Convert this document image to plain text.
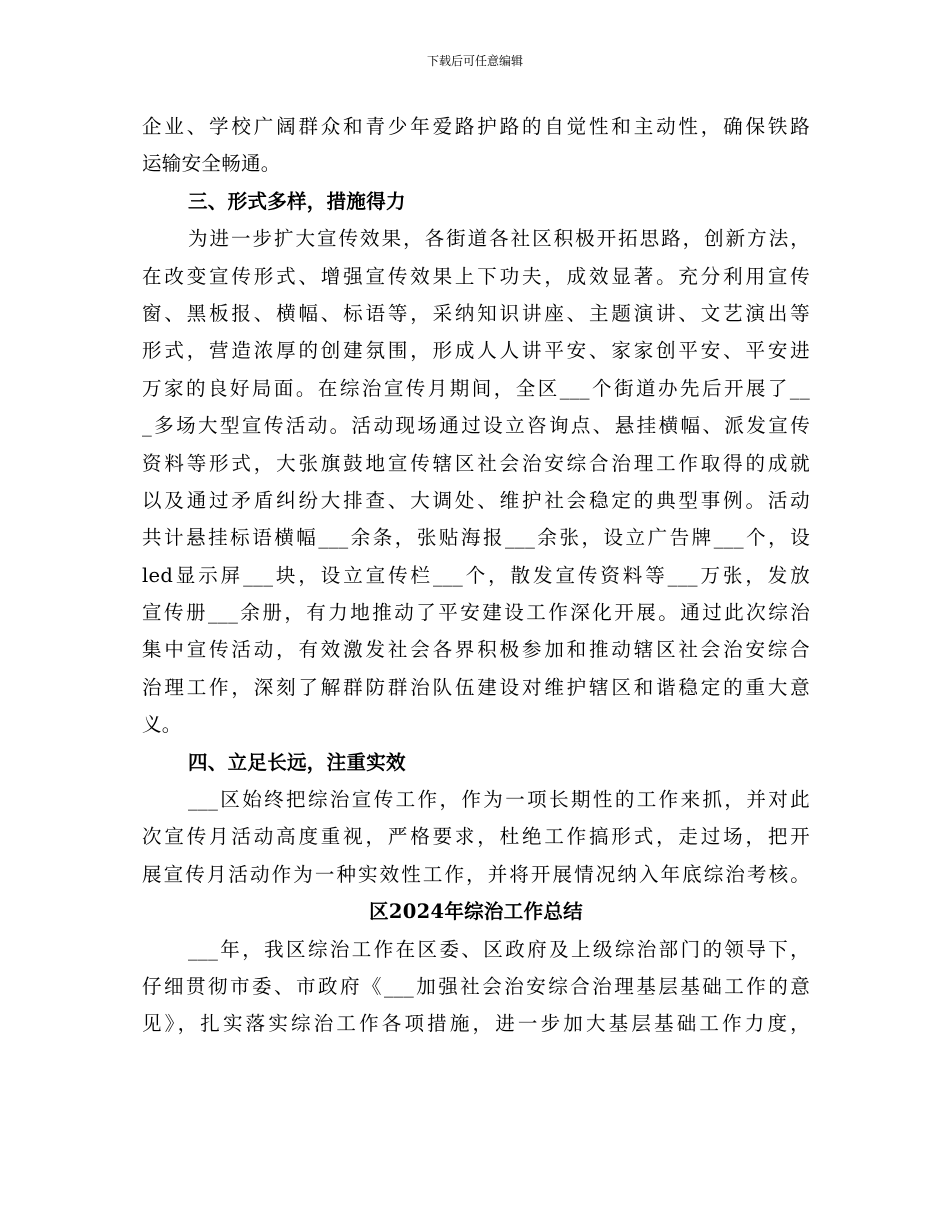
下载后可任意编辑
企业、学校广阔群众和青少年爱路护路的自觉性和主动性，确保铁路
运输安全畅通。
三、形式多样，措施得力
为进一步扩大宣传效果，各街道各社区积极开拓思路，创新方法，
在改变宣传形式、增强宣传效果上下功夫，成效显著。充分利用宣传
窗、黑板报、横幅、标语等，采纳知识讲座、主题演讲、文艺演出等
形式，营造浓厚的创建氛围，形成人人讲平安、家家创平安、平安进
万家的良好局面。在综治宣传月期间，全区___个街道办先后开展了__
_多场大型宣传活动。活动现场通过设立咨询点、悬挂横幅、派发宣传
资料等形式，大张旗鼓地宣传辖区社会治安综合治理工作取得的成就
以及通过矛盾纠纷大排查、大调处、维护社会稳定的典型事例。活动
共计悬挂标语横幅___余条，张贴海报___余张，设立广告牌___个，设
led显示屏___块，设立宣传栏___个，散发宣传资料等___万张，发放
宣传册___余册，有力地推动了平安建设工作深化开展。通过此次综治
集中宣传活动，有效激发社会各界积极参加和推动辖区社会治安综合
治理工作，深刻了解群防群治队伍建设对维护辖区和谐稳定的重大意
义。
四、立足长远，注重实效
___区始终把综治宣传工作，作为一项长期性的工作来抓，并对此
次宣传月活动高度重视，严格要求，杜绝工作搞形式，走过场，把开
展宣传月活动作为一种实效性工作，并将开展情况纳入年底综治考核。
区2024年综治工作总结
___年，我区综治工作在区委、区政府及上级综治部门的领导下，
仔细贯彻市委、市政府《___加强社会治安综合治理基层基础工作的意
见》，扎实落实综治工作各项措施，进一步加大基层基础工作力度，
